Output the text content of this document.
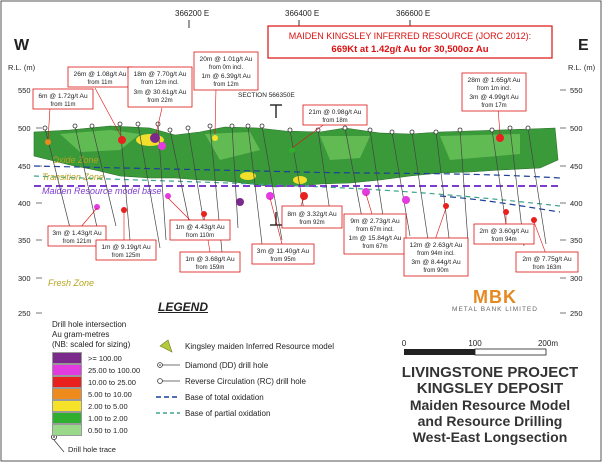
366200 E	366400 E	366600 E
W	E
R.L. (m)	R.L. (m)
550
500
450
400
350
300
250
550
500
450
400
350
300
250
MAIDEN KINGSLEY INFERRED RESOURCE (JORC 2012):
669Kt at 1.42g/t Au for 30,500oz Au
Oxide Zone
Transition Zone
Maiden Resource model base
Fresh Zone
SECTION 566350E
6m @ 1.72g/t Au
from 11m
26m @ 1.08g/t Au
from 11m
18m @ 7.70g/t Au
from 12m incl.
3m @ 30.61g/t Au
from 22m
20m @ 1.01g/t Au
from 0m incl.
1m @ 6.39g/t Au
from 12m
21m @ 0.98g/t Au
from 18m
28m @ 1.65g/t Au
from 1m incl.
3m @ 4.99g/t Au
from 17m
3m @ 1.43g/t Au
from 121m
1m @ 9.19g/t Au
from 125m
1m @ 4.43g/t Au
from 110m
1m @ 3.68g/t Au
from 159m
3m @ 11.40g/t Au
from 95m
8m @ 3.32g/t Au
from 92m	9m @ 2.73g/t Au
from 67m incl.
1m @ 15.84g/t Au
from 67m	12m @ 2.63g/t Au
from 94m incl.
3m @ 8.44g/t Au
from 90m
2m @ 3.60g/t Au
from 94m
2m @ 7.75g/t Au
from 163m
Drill hole trace
0	100	200m
LEGEND
Drill hole intersection
Au gram-metres
(NB: scaled for sizing)
>= 100.00
25.00 to 100.00
10.00 to 25.00
5.00 to 10.00
2.00 to 5.00
1.00 to 2.00
0.50 to 1.00
Kingsley maiden Inferred Resource model
Diamond (DD) drill hole
Reverse Circulation (RC) drill hole
Base of total oxidation
Base of partial oxidation
MBK
METAL BANK LIMITED
LIVINGSTONE PROJECT
KINGSLEY DEPOSIT
Maiden Resource Model
and Resource Drilling
West-East Longsection
